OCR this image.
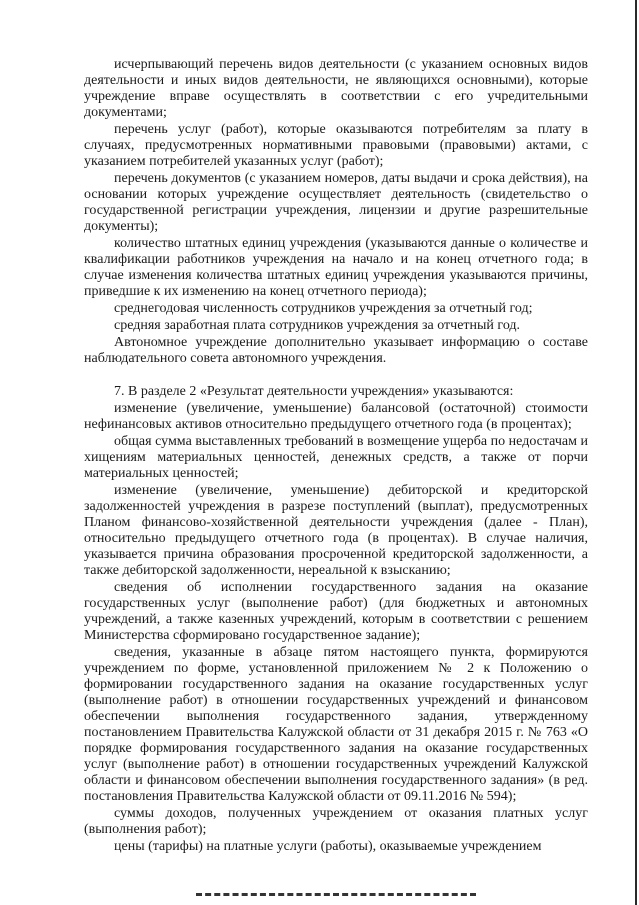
исчерпывающий перечень видов деятельности (с указанием основных видов деятельности и иных видов деятельности, не являющихся основными), которые учреждение вправе осуществлять в соответствии с его учредительными документами;

перечень услуг (работ), которые оказываются потребителям за плату в случаях, предусмотренных нормативными правовыми (правовыми) актами, с указанием потребителей указанных услуг (работ);

перечень документов (с указанием номеров, даты выдачи и срока действия), на основании которых учреждение осуществляет деятельность (свидетельство о государственной регистрации учреждения, лицензии и другие разрешительные документы);

количество штатных единиц учреждения (указываются данные о количестве и квалификации работников учреждения на начало и на конец отчетного года; в случае изменения количества штатных единиц учреждения указываются причины, приведшие к их изменению на конец отчетного периода);

среднегодовая численность сотрудников учреждения за отчетный год;

средняя заработная плата сотрудников учреждения за отчетный год.

Автономное учреждение дополнительно указывает информацию о составе наблюдательного совета автономного учреждения.

7. В разделе 2 «Результат деятельности учреждения» указываются:

изменение (увеличение, уменьшение) балансовой (остаточной) стоимости нефинансовых активов относительно предыдущего отчетного года (в процентах);

общая сумма выставленных требований в возмещение ущерба по недостачам и хищениям материальных ценностей, денежных средств, а также от порчи материальных ценностей;

изменение (увеличение, уменьшение) дебиторской и кредиторской задолженностей учреждения в разрезе поступлений (выплат), предусмотренных Планом финансово-хозяйственной деятельности учреждения (далее - План), относительно предыдущего отчетного года (в процентах). В случае наличия, указывается причина образования просроченной кредиторской задолженности, а также дебиторской задолженности, нереальной к взысканию;

сведения об исполнении государственного задания на оказание государственных услуг (выполнение работ) (для бюджетных и автономных учреждений, а также казенных учреждений, которым в соответствии с решением Министерства сформировано государственное задание);

сведения, указанные в абзаце пятом настоящего пункта, формируются учреждением по форме, установленной приложением № 2 к Положению о формировании государственного задания на оказание государственных услуг (выполнение работ) в отношении государственных учреждений и финансовом обеспечении выполнения государственного задания, утвержденному постановлением Правительства Калужской области от 31 декабря 2015 г. № 763 «О порядке формирования государственного задания на оказание государственных услуг (выполнение работ) в отношении государственных учреждений Калужской области и финансовом обеспечении выполнения государственного задания» (в ред. постановления Правительства Калужской области от 09.11.2016 № 594);

суммы доходов, полученных учреждением от оказания платных услуг (выполнения работ);

цены (тарифы) на платные услуги (работы), оказываемые учреждением
